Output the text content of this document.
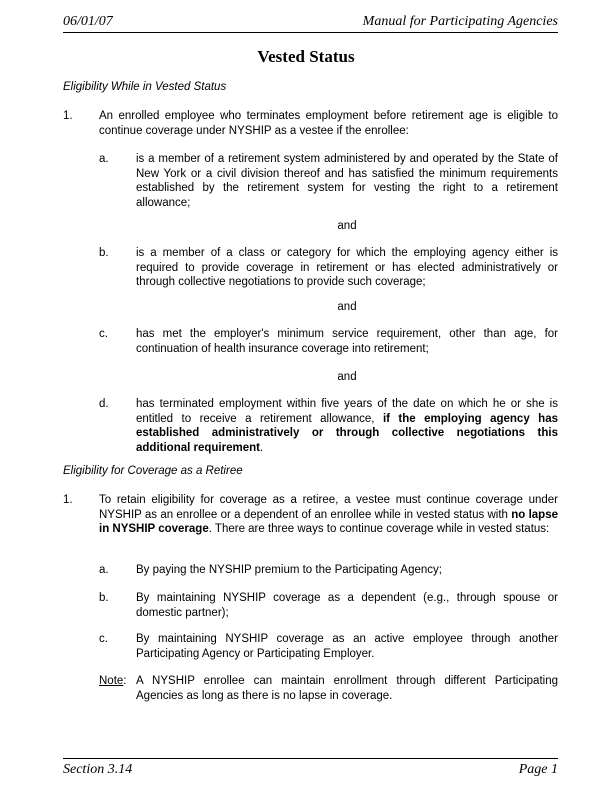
06/01/07	Manual for Participating Agencies
Vested Status
Eligibility While in Vested Status
1. An enrolled employee who terminates employment before retirement age is eligible to continue coverage under NYSHIP as a vestee if the enrollee:
a. is a member of a retirement system administered by and operated by the State of New York or a civil division thereof and has satisfied the minimum requirements established by the retirement system for vesting the right to a retirement allowance;
and
b. is a member of a class or category for which the employing agency either is required to provide coverage in retirement or has elected administratively or through collective negotiations to provide such coverage;
and
c. has met the employer's minimum service requirement, other than age, for continuation of health insurance coverage into retirement;
and
d. has terminated employment within five years of the date on which he or she is entitled to receive a retirement allowance, if the employing agency has established administratively or through collective negotiations this additional requirement.
Eligibility for Coverage as a Retiree
1. To retain eligibility for coverage as a retiree, a vestee must continue coverage under NYSHIP as an enrollee or a dependent of an enrollee while in vested status with no lapse in NYSHIP coverage. There are three ways to continue coverage while in vested status:
a. By paying the NYSHIP premium to the Participating Agency;
b. By maintaining NYSHIP coverage as a dependent (e.g., through spouse or domestic partner);
c. By maintaining NYSHIP coverage as an active employee through another Participating Agency or Participating Employer.
Note: A NYSHIP enrollee can maintain enrollment through different Participating Agencies as long as there is no lapse in coverage.
Section 3.14	Page 1
